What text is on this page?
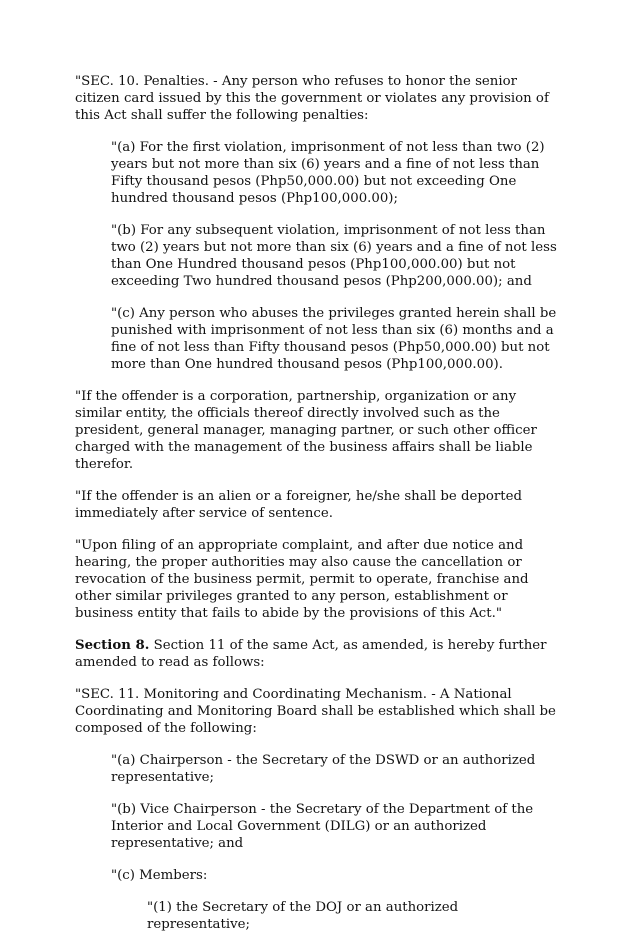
"SEC. 10. Penalties. - Any person who refuses to honor the senior citizen card issued by this the government or violates any provision of this Act shall suffer the following penalties:

"(a) For the first violation, imprisonment of not less than two (2) years but not more than six (6) years and a fine of not less than Fifty thousand pesos (Php50,000.00) but not exceeding One hundred thousand pesos (Php100,000.00);

"(b) For any subsequent violation, imprisonment of not less than two (2) years but not more than six (6) years and a fine of not less than One Hundred thousand pesos (Php100,000.00) but not exceeding Two hundred thousand pesos (Php200,000.00); and

"(c) Any person who abuses the privileges granted herein shall be punished with imprisonment of not less than six (6) months and a fine of not less than Fifty thousand pesos (Php50,000.00) but not more than One hundred thousand pesos (Php100,000.00).

"If the offender is a corporation, partnership, organization or any similar entity, the officials thereof directly involved such as the president, general manager, managing partner, or such other officer charged with the management of the business affairs shall be liable therefor.

"If the offender is an alien or a foreigner, he/she shall be deported immediately after service of sentence.

"Upon filing of an appropriate complaint, and after due notice and hearing, the proper authorities may also cause the cancellation or revocation of the business permit, permit to operate, franchise and other similar privileges granted to any person, establishment or business entity that fails to abide by the provisions of this Act."

Section 8. Section 11 of the same Act, as amended, is hereby further amended to read as follows:

"SEC. 11. Monitoring and Coordinating Mechanism. - A National Coordinating and Monitoring Board shall be established which shall be composed of the following:

"(a) Chairperson - the Secretary of the DSWD or an authorized representative;

"(b) Vice Chairperson - the Secretary of the Department of the Interior and Local Government (DILG) or an authorized representative; and

"(c) Members:

"(1) the Secretary of the DOJ or an authorized representative;
